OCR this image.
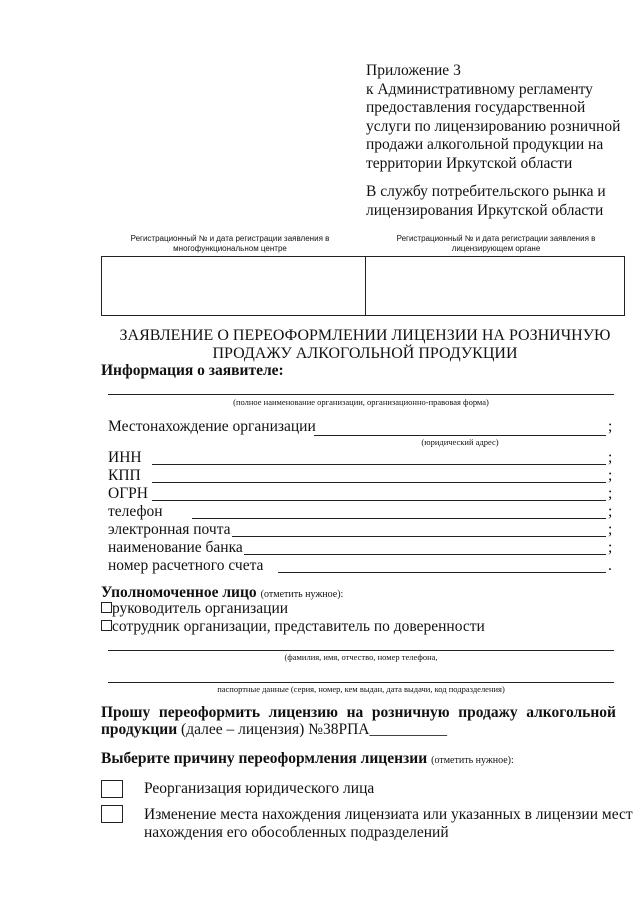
Приложение 3
к Административному регламенту
предоставления государственной
услуги по лицензированию розничной
продажи алкогольной продукции на
территории Иркутской области
В службу потребительского рынка и
лицензирования Иркутской области
Регистрационный № и дата регистрации заявления в многофункциональном центре
Регистрационный № и дата регистрации заявления в лицензирующем органе
ЗАЯВЛЕНИЕ О ПЕРЕОФОРМЛЕНИИ ЛИЦЕНЗИИ НА РОЗНИЧНУЮ
ПРОДАЖУ АЛКОГОЛЬНОЙ ПРОДУКЦИИ
Информация о заявителе:
(полное наименование организации, организационно-правовая форма)
Местонахождение организации	;
(юридический адрес)
ИНН	;
КПП	;
ОГРН	;
телефон	;
электронная почта	;
наименование банка	;
номер расчетного счета	.
Уполномоченное лицо (отметить нужное):
руководитель организации
сотрудник организации, представитель по доверенности
(фамилия, имя, отчество, номер телефона,
паспортные данные (серия, номер, кем выдан, дата выдачи, код подразделения)
Прошу переоформить лицензию на розничную продажу алкогольной
продукции (далее – лицензия) №38РПА__________
Выберите причину переоформления лицензии (отметить нужное):
Реорганизация юридического лица
Изменение места нахождения лицензиата или указанных в лицензии мест
нахождения его обособленных подразделений
